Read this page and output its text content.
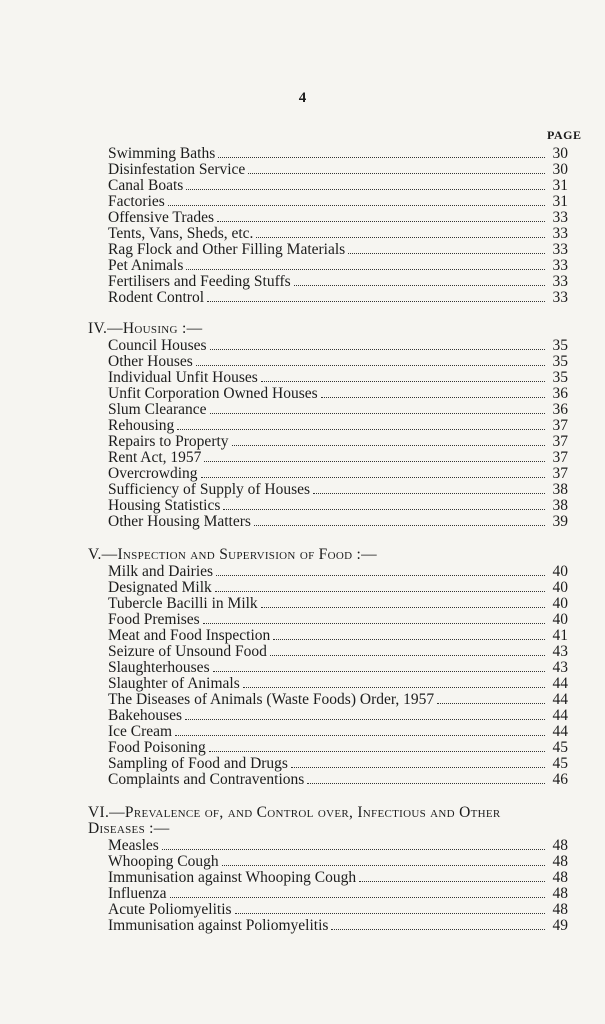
4
PAGE
Swimming Baths	30
Disinfestation Service	30
Canal Boats	31
Factories	31
Offensive Trades	33
Tents, Vans, Sheds, etc.	33
Rag Flock and Other Filling Materials	33
Pet Animals	33
Fertilisers and Feeding Stuffs	33
Rodent Control	33
IV.—Housing :—
Council Houses	35
Other Houses	35
Individual Unfit Houses	35
Unfit Corporation Owned Houses	36
Slum Clearance	36
Rehousing	37
Repairs to Property	37
Rent Act, 1957	37
Overcrowding	37
Sufficiency of Supply of Houses	38
Housing Statistics	38
Other Housing Matters	39
V.—Inspection and Supervision of Food :—
Milk and Dairies	40
Designated Milk	40
Tubercle Bacilli in Milk	40
Food Premises	40
Meat and Food Inspection	41
Seizure of Unsound Food	43
Slaughterhouses	43
Slaughter of Animals	44
The Diseases of Animals (Waste Foods) Order, 1957	44
Bakehouses	44
Ice Cream	44
Food Poisoning	45
Sampling of Food and Drugs	45
Complaints and Contraventions	46
VI.—Prevalence of, and Control over, Infectious and Other
Diseases :—
Measles	48
Whooping Cough	48
Immunisation against Whooping Cough	48
Influenza	48
Acute Poliomyelitis	48
Immunisation against Poliomyelitis	49
